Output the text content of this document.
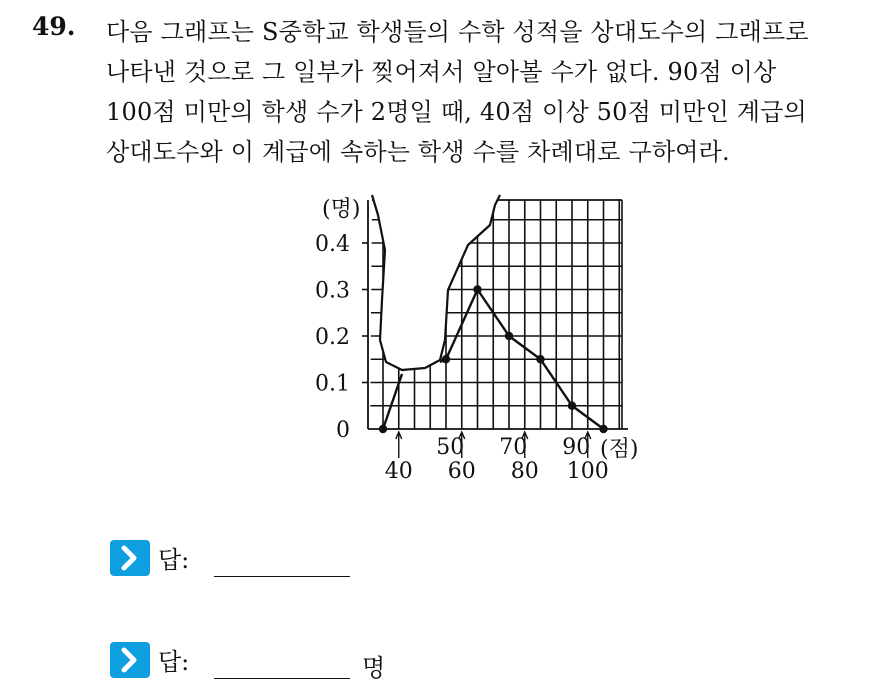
49. 다음 그래프는 S중학교 학생들의 수학 성적을 상대도수의 그래프로
나타낸 것으로 그 일부가 찢어져서 알아볼 수가 없다. 90점 이상
100점 미만의 학생 수가 2명일 때, 40점 이상 50점 미만인 계급의
상대도수와 이 계급에 속하는 학생 수를 차례대로 구하여라.
0
0.1
0.2
0.3
0.4
(명)
40
50
60
70
80
90
100
(점)
답:
답:	명
